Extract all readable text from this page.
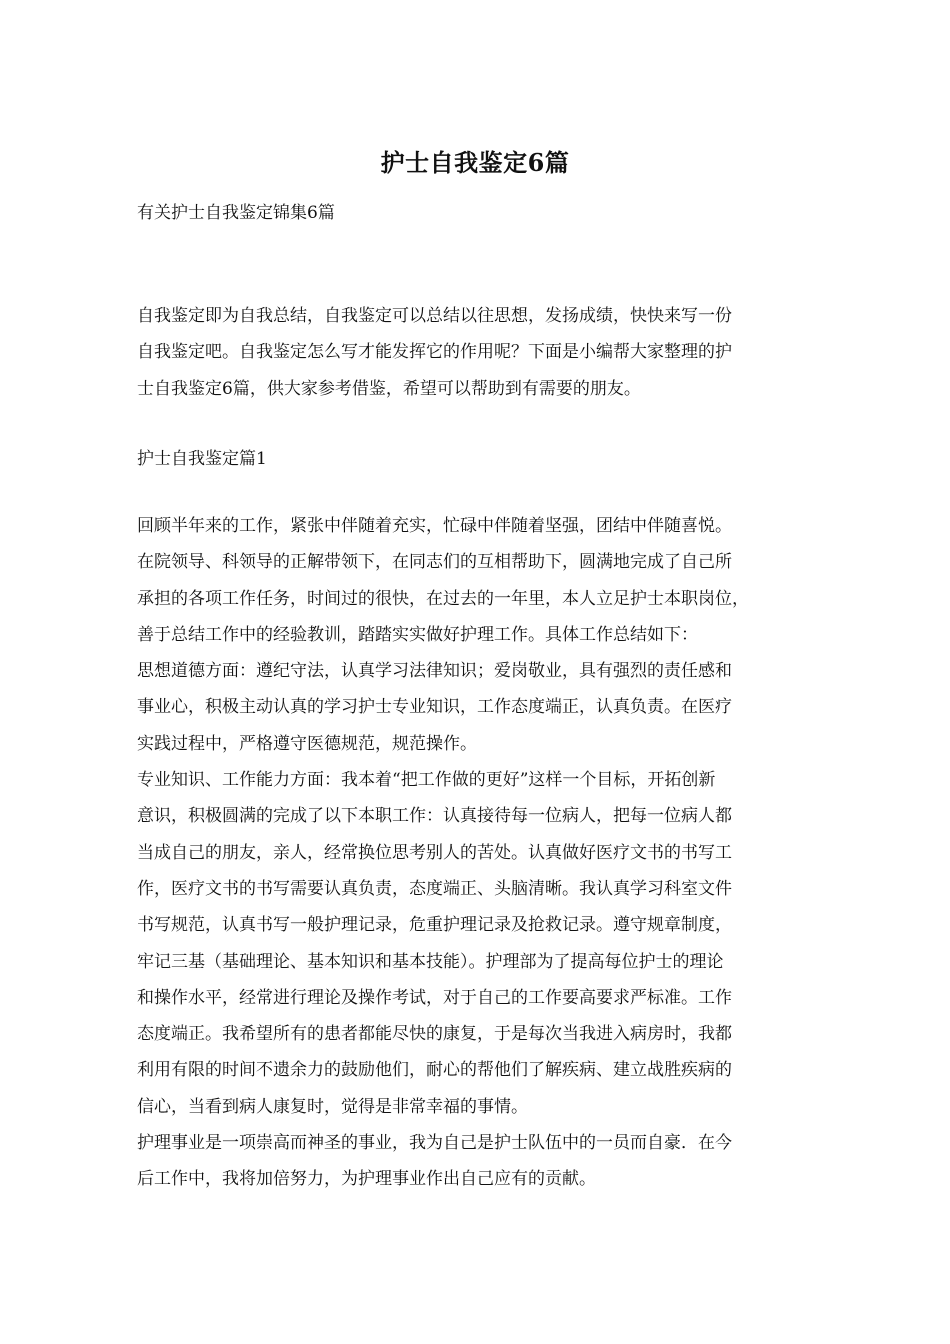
护士自我鉴定6篇
有关护士自我鉴定锦集6篇
自我鉴定即为自我总结，自我鉴定可以总结以往思想，发扬成绩，快快来写一份
自我鉴定吧。自我鉴定怎么写才能发挥它的作用呢？下面是小编帮大家整理的护
士自我鉴定6篇，供大家参考借鉴，希望可以帮助到有需要的朋友。
护士自我鉴定篇1
回顾半年来的工作，紧张中伴随着充实，忙碌中伴随着坚强，团结中伴随喜悦。
在院领导、科领导的正解带领下，在同志们的互相帮助下，圆满地完成了自己所
承担的各项工作任务，时间过的很快，在过去的一年里，本人立足护士本职岗位，
善于总结工作中的经验教训，踏踏实实做好护理工作。具体工作总结如下：
思想道德方面：遵纪守法，认真学习法律知识；爱岗敬业，具有强烈的责任感和
事业心，积极主动认真的学习护士专业知识，工作态度端正，认真负责。在医疗
实践过程中，严格遵守医德规范，规范操作。
专业知识、工作能力方面：我本着“把工作做的更好”这样一个目标，开拓创新
意识，积极圆满的完成了以下本职工作：认真接待每一位病人，把每一位病人都
当成自己的朋友，亲人，经常换位思考别人的苦处。认真做好医疗文书的书写工
作，医疗文书的书写需要认真负责，态度端正、头脑清晰。我认真学习科室文件
书写规范，认真书写一般护理记录，危重护理记录及抢救记录。遵守规章制度，
牢记三基（基础理论、基本知识和基本技能）。护理部为了提高每位护士的理论
和操作水平，经常进行理论及操作考试，对于自己的工作要高要求严标准。工作
态度端正。我希望所有的患者都能尽快的康复，于是每次当我进入病房时，我都
利用有限的时间不遗余力的鼓励他们，耐心的帮他们了解疾病、建立战胜疾病的
信心，当看到病人康复时，觉得是非常幸福的事情。
护理事业是一项崇高而神圣的事业，我为自己是护士队伍中的一员而自豪．在今
后工作中，我将加倍努力，为护理事业作出自己应有的贡献。
